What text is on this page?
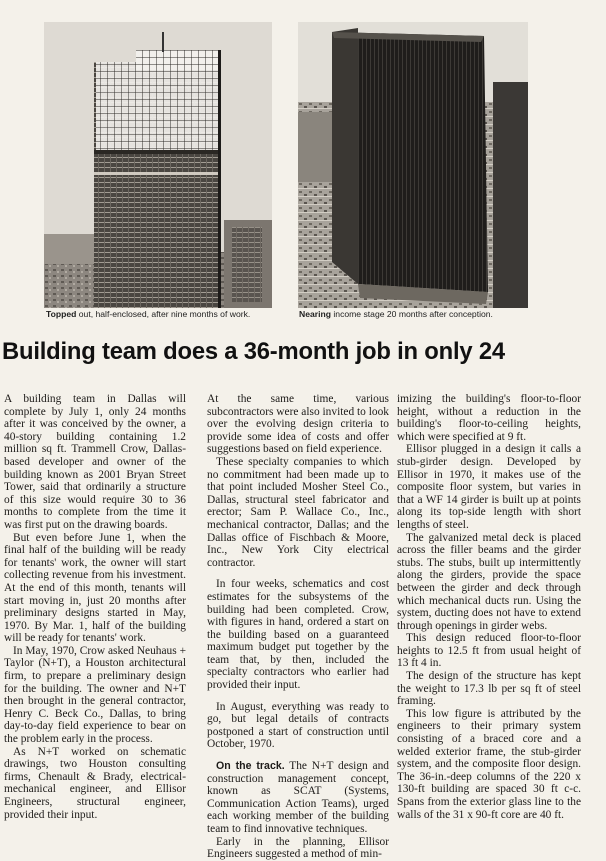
Topped out, half-enclosed, after nine months of work.	Nearing income stage 20 months after conception.
Building team does a 36-month job in only 24

A building team in Dallas will complete by July 1, only 24 months after it was conceived by the owner, a 40-story building containing 1.2 million sq ft. Trammell Crow, Dallas-based developer and owner of the building known as 2001 Bryan Street Tower, said that ordinarily a structure of this size would require 30 to 36 months to complete from the time it was first put on the drawing boards.

But even before June 1, when the final half of the building will be ready for tenants' work, the owner will start collecting revenue from his investment. At the end of this month, tenants will start moving in, just 20 months after preliminary designs started in May, 1970. By Mar. 1, half of the building will be ready for tenants' work.

In May, 1970, Crow asked Neuhaus + Taylor (N+T), a Houston architectural firm, to prepare a preliminary design for the building. The owner and N+T then brought in the general contractor, Henry C. Beck Co., Dallas, to bring day-to-day field experience to bear on the problem early in the process.

As N+T worked on schematic drawings, two Houston consulting firms, Chenault & Brady, electrical-mechanical engineer, and Ellisor Engineers, structural engineer, provided their input.

At the same time, various subcontractors were also invited to look over the evolving design criteria to provide some idea of costs and offer suggestions based on field experience.

These specialty companies to which no commitment had been made up to that point included Mosher Steel Co., Dallas, structural steel fabricator and erector; Sam P. Wallace Co., Inc., mechanical contractor, Dallas; and the Dallas office of Fischbach & Moore, Inc., New York City electrical contractor.

In four weeks, schematics and cost estimates for the subsystems of the building had been completed. Crow, with figures in hand, ordered a start on the building based on a guaranteed maximum budget put together by the team that, by then, included the specialty contractors who earlier had provided their input.

In August, everything was ready to go, but legal details of contracts postponed a start of construction until October, 1970.

On the track. The N+T design and construction management concept, known as SCAT (Systems, Communication Action Teams), urged each working member of the building team to find innovative techniques.

Early in the planning, Ellisor Engineers suggested a method of min-

imizing the building's floor-to-floor height, without a reduction in the building's floor-to-ceiling heights, which were specified at 9 ft.

Ellisor plugged in a design it calls a stub-girder design. Developed by Ellisor in 1970, it makes use of the composite floor system, but varies in that a WF 14 girder is built up at points along its top-side length with short lengths of steel.

The galvanized metal deck is placed across the filler beams and the girder stubs. The stubs, built up intermittently along the girders, provide the space between the girder and deck through which mechanical ducts run. Using the system, ducting does not have to extend through openings in girder webs.

This design reduced floor-to-floor heights to 12.5 ft from usual height of 13 ft 4 in.

The design of the structure has kept the weight to 17.3 lb per sq ft of steel framing.

This low figure is attributed by the engineers to their primary system consisting of a braced core and a welded exterior frame, the stub-girder system, and the composite floor design. The 36-in.-deep columns of the 220 x 130-ft building are spaced 30 ft c-c. Spans from the exterior glass line to the walls of the 31 x 90-ft core are 40 ft.
